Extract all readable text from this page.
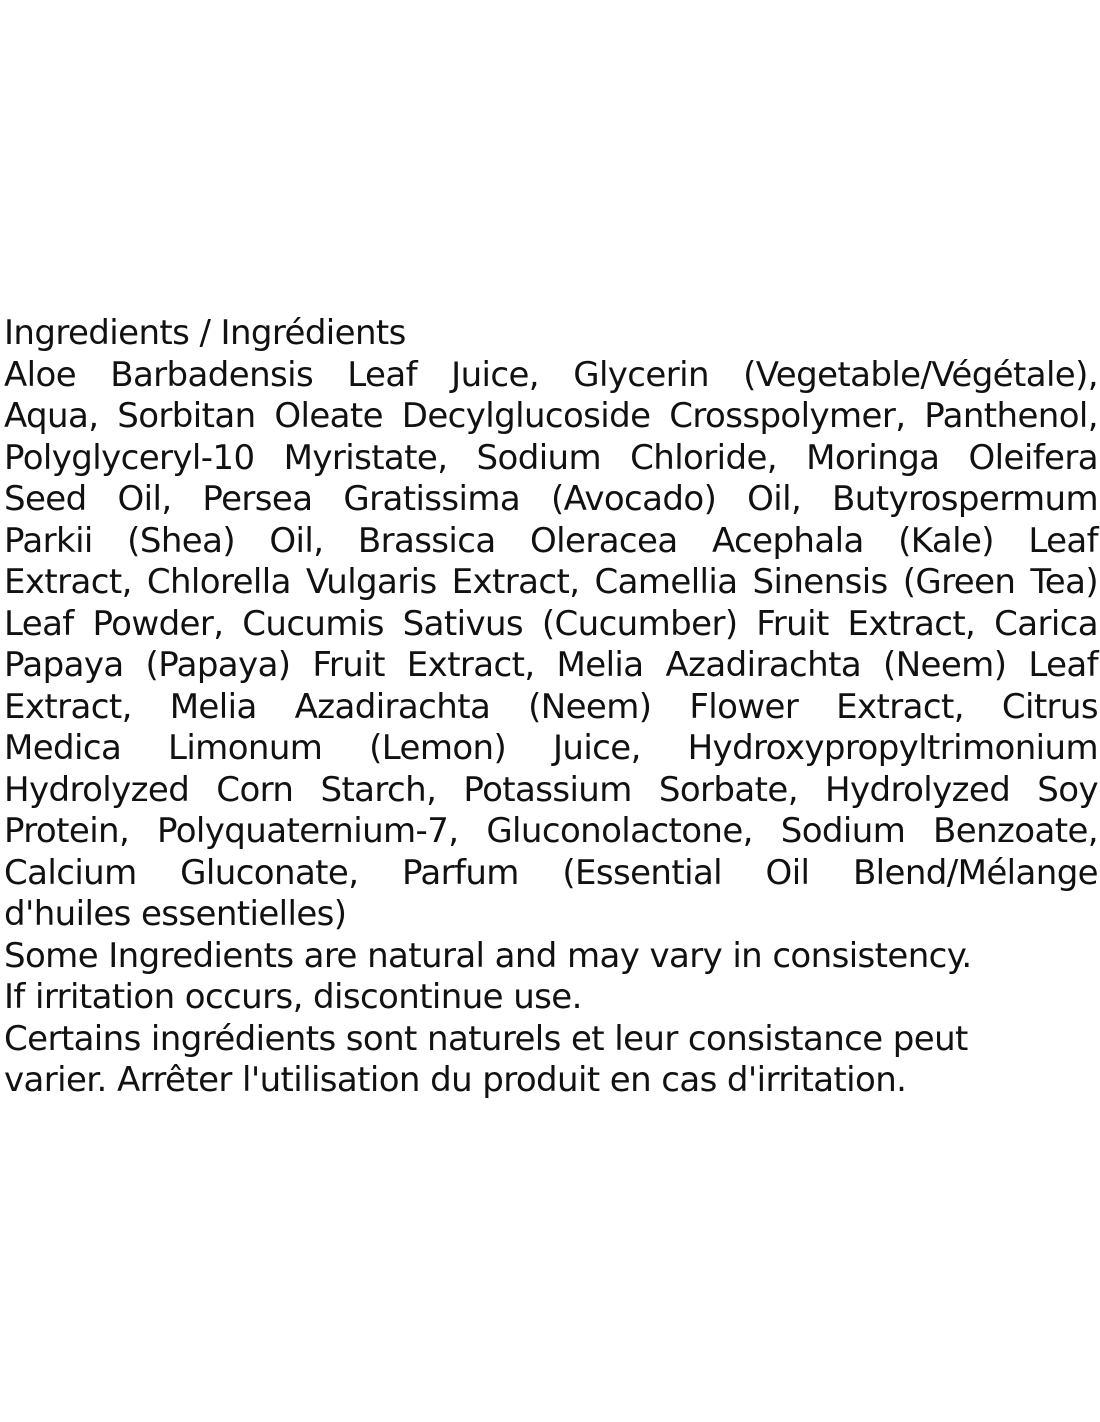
Ingredients / Ingrédients
Aloe Barbadensis Leaf Juice, Glycerin (Vegetable/Végétale),
Aqua, Sorbitan Oleate Decylglucoside Crosspolymer, Panthenol,
Polyglyceryl-10 Myristate, Sodium Chloride, Moringa Oleifera
Seed Oil, Persea Gratissima (Avocado) Oil, Butyrospermum
Parkii (Shea) Oil, Brassica Oleracea Acephala (Kale) Leaf
Extract, Chlorella Vulgaris Extract, Camellia Sinensis (Green Tea)
Leaf Powder, Cucumis Sativus (Cucumber) Fruit Extract, Carica
Papaya (Papaya) Fruit Extract, Melia Azadirachta (Neem) Leaf
Extract, Melia Azadirachta (Neem) Flower Extract, Citrus
Medica Limonum (Lemon) Juice, Hydroxypropyltrimonium
Hydrolyzed Corn Starch, Potassium Sorbate, Hydrolyzed Soy
Protein, Polyquaternium-7, Gluconolactone, Sodium Benzoate,
Calcium Gluconate, Parfum (Essential Oil Blend/Mélange
d'huiles essentielles)
Some Ingredients are natural and may vary in consistency.
If irritation occurs, discontinue use.
Certains ingrédients sont naturels et leur consistance peut
varier. Arrêter l'utilisation du produit en cas d'irritation.
